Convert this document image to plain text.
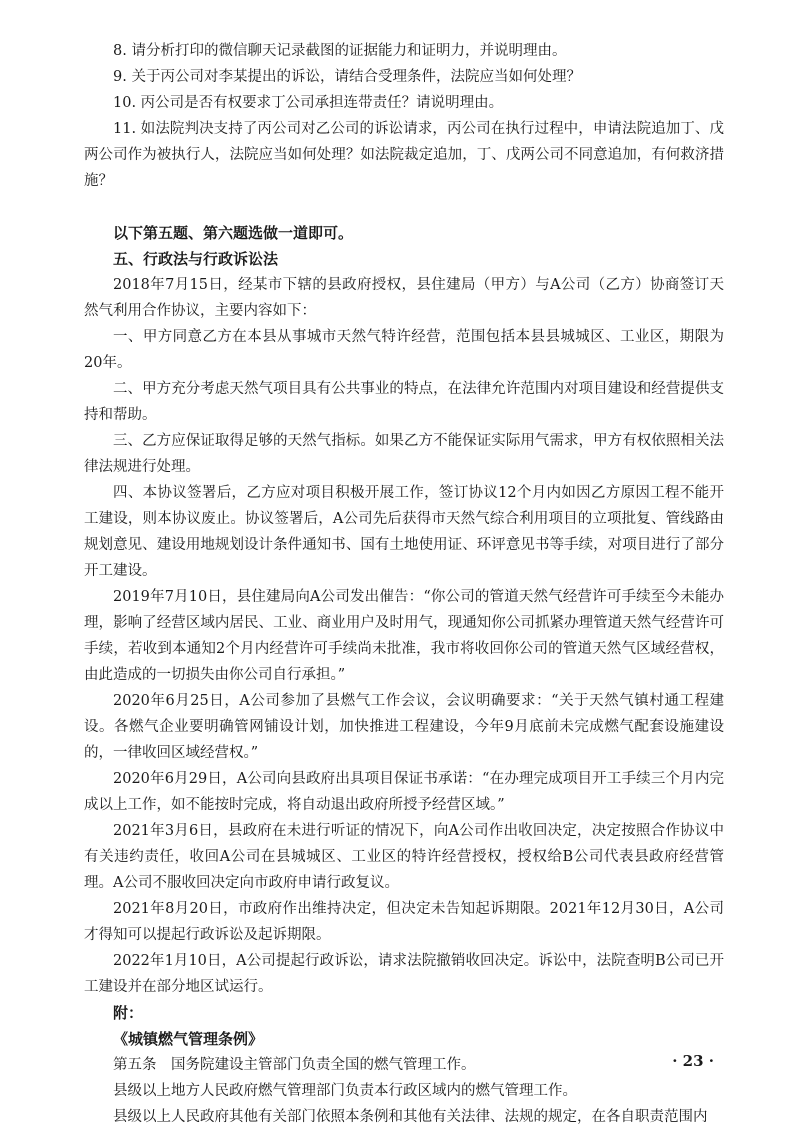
8. 请分析打印的微信聊天记录截图的证据能力和证明力，并说明理由。

9. 关于丙公司对李某提出的诉讼，请结合受理条件，法院应当如何处理？

10. 丙公司是否有权要求丁公司承担连带责任？请说明理由。

11. 如法院判决支持了丙公司对乙公司的诉讼请求，丙公司在执行过程中，申请法院追加丁、戊两公司作为被执行人，法院应当如何处理？如法院裁定追加，丁、戊两公司不同意追加，有何救济措施？

以下第五题、第六题选做一道即可。

五、行政法与行政诉讼法

2018年7月15日，经某市下辖的县政府授权，县住建局（甲方）与A公司（乙方）协商签订天然气利用合作协议，主要内容如下：

一、甲方同意乙方在本县从事城市天然气特许经营，范围包括本县县城城区、工业区，期限为20年。

二、甲方充分考虑天然气项目具有公共事业的特点，在法律允许范围内对项目建设和经营提供支持和帮助。

三、乙方应保证取得足够的天然气指标。如果乙方不能保证实际用气需求，甲方有权依照相关法律法规进行处理。

四、本协议签署后，乙方应对项目积极开展工作，签订协议12个月内如因乙方原因工程不能开工建设，则本协议废止。协议签署后，A公司先后获得市天然气综合利用项目的立项批复、管线路由规划意见、建设用地规划设计条件通知书、国有土地使用证、环评意见书等手续，对项目进行了部分开工建设。

2019年7月10日，县住建局向A公司发出催告：“你公司的管道天然气经营许可手续至今未能办理，影响了经营区域内居民、工业、商业用户及时用气，现通知你公司抓紧办理管道天然气经营许可手续，若收到本通知2个月内经营许可手续尚未批准，我市将收回你公司的管道天然气区域经营权，由此造成的一切损失由你公司自行承担。”

2020年6月25日，A公司参加了县燃气工作会议，会议明确要求：“关于天然气镇村通工程建设。各燃气企业要明确管网铺设计划，加快推进工程建设，今年9月底前未完成燃气配套设施建设的，一律收回区域经营权。”

2020年6月29日，A公司向县政府出具项目保证书承诺：“在办理完成项目开工手续三个月内完成以上工作，如不能按时完成，将自动退出政府所授予经营区域。”

2021年3月6日，县政府在未进行听证的情况下，向A公司作出收回决定，决定按照合作协议中有关违约责任，收回A公司在县城城区、工业区的特许经营授权，授权给B公司代表县政府经营管理。A公司不服收回决定向市政府申请行政复议。

2021年8月20日，市政府作出维持决定，但决定未告知起诉期限。2021年12月30日，A公司才得知可以提起行政诉讼及起诉期限。

2022年1月10日，A公司提起行政诉讼，请求法院撤销收回决定。诉讼中，法院查明B公司已开工建设并在部分地区试运行。

附：

《城镇燃气管理条例》

第五条　国务院建设主管部门负责全国的燃气管理工作。

县级以上地方人民政府燃气管理部门负责本行政区域内的燃气管理工作。

县级以上人民政府其他有关部门依照本条例和其他有关法律、法规的规定，在各自职责范围内

· 23 ·
